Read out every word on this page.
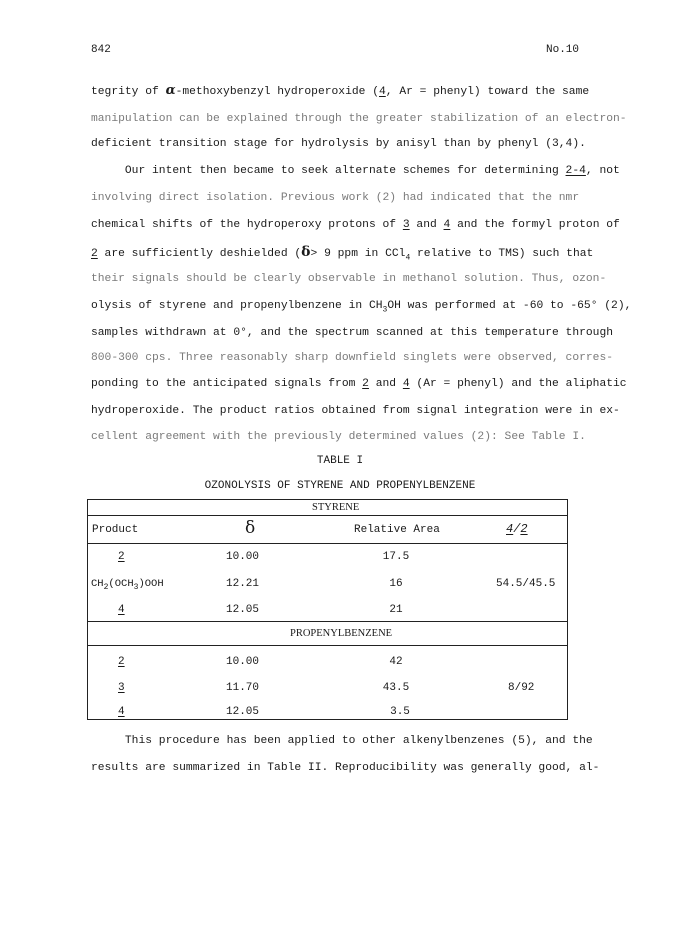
842	No.10
tegrity of α-methoxybenzyl hydroperoxide (4, Ar = phenyl) toward the same
manipulation can be explained through the greater stabilization of an electron-
deficient transition stage for hydrolysis by anisyl than by phenyl (3,4).
Our intent then became to seek alternate schemes for determining 2-4, not
involving direct isolation. Previous work (2) had indicated that the nmr
chemical shifts of the hydroperoxy protons of 3 and 4 and the formyl proton of
2 are sufficiently deshielded (δ> 9 ppm in CCl$_4$ relative to TMS) such that
their signals should be clearly observable in methanol solution. Thus, ozon-
olysis of styrene and propenylbenzene in $CH_3OH$ was performed at -60 to -65° (2),
samples withdrawn at 0°, and the spectrum scanned at this temperature through
800-300 cps. Three reasonably sharp downfield singlets were observed, corres-
ponding to the anticipated signals from 2 and 4 (Ar = phenyl) and the aliphatic
hydroperoxide. The product ratios obtained from signal integration were in ex-
cellent agreement with the previously determined values (2): See Table I.
TABLE I
OZONOLYSIS OF STYRENE AND PROPENYLBENZENE
STYRENE
Product	δ	Relative Area	4/2
2	10.00	17.5
$CH_2(OCH_3)OOH$	12.21	16	54.5/45.5
4	12.05	21
PROPENYLBENZENE
2	10.00	42
3	11.70	43.5	8/92
4	12.05	3.5
This procedure has been applied to other alkenylbenzenes (5), and the
results are summarized in Table II. Reproducibility was generally good, al-
